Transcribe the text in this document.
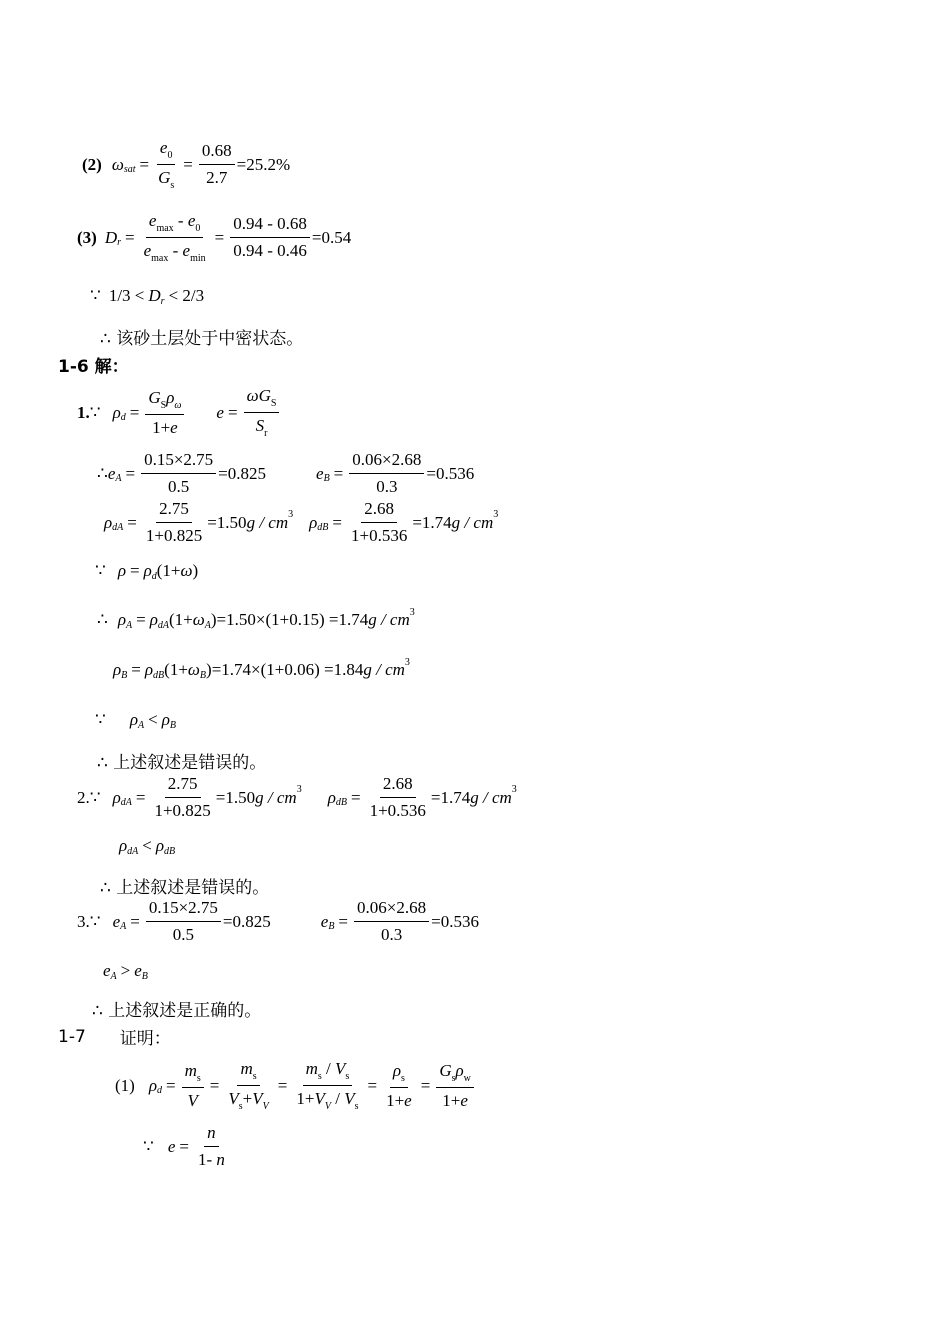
(2) ω sat = $\frac{e_0}{G_s} = \frac{0.68}{2.7} =25.2\%$
(3) D $r = \frac{e_{max} - e_0}{e_{max} - e_{min}} = \frac{0.94 - 0.68}{0.94 - 0.46} =0.54$
∵ 1/3 < D r < 2/3
∴ 该砂土层处于中密状态。
1-6 解：
1. ∵ ρ $d = \frac{G_S\rho_\omega}{1+e}$ $e = \frac{\omega G_S}{S_r}$
∴ e $A = \frac{0.15\times 2.75}{0.5} =0.825$	e $B = \frac{0.06\times 2.68}{0.3} =0.536$
ρ dA = $\frac{2.75}{1+0.825} =1.50$ g / cm 3 ρ dB = $\frac{2.68}{1+0.536} =1.74$ g / cm 3
∵ ρ = ρ d (1+ ω )
∴ ρ A = ρ dA (1+ ω A ) =1.50×(1+0.15) =1.74 g / cm 3
ρ B = ρ dB (1+ ω B ) =1.74×(1+0.06) =1.84 g / cm 3
∵ ρ A < ρ B
∴ 上述叙述是错误的。
2. ∵ ρ dA = $\frac{2.75}{1+0.825} =1.50$ g / cm 3 ρ dB = $\frac{2.68}{1+0.536} =1.74$ g / cm 3
ρ dA < ρ dB
∴ 上述叙述是错误的。
3. ∵ e $A = \frac{0.15\times 2.75}{0.5} =0.825$	e $B = \frac{0.06\times 2.68}{0.3} =0.536$
e A > e B
∴ 上述叙述是正确的。
1-7 证明：
(1) ρ $d = \frac{m_s}{V} = \frac{m_s}{V_s+V_V} = \frac{m_s / V_s}{1+V_V / V_s} = \frac{\rho_s}{1+e} = \frac{G_s\rho_w}{1+e}$
∵ $e = \frac{n}{1- n}$
